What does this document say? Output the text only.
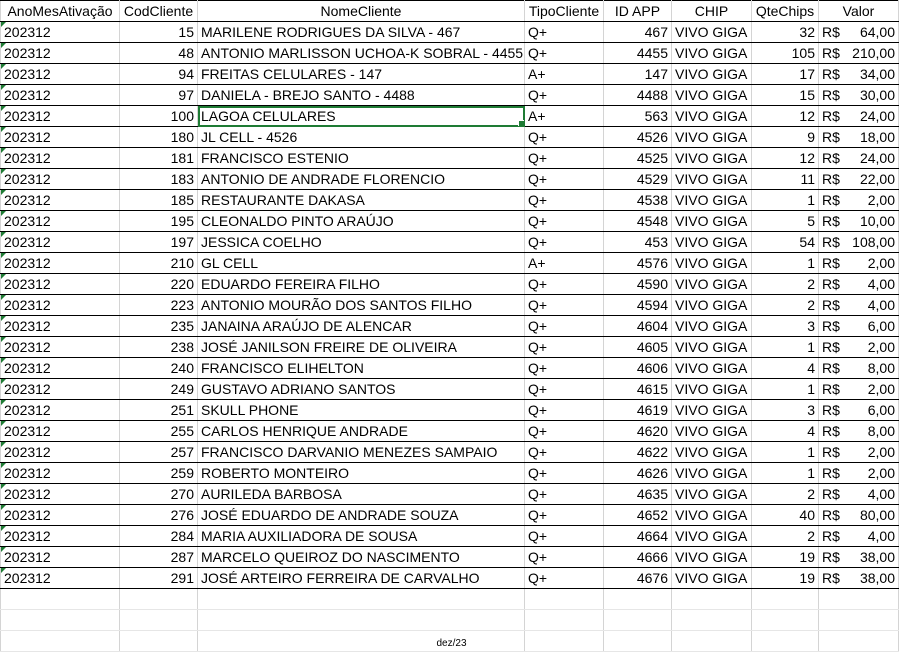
AnoMesAtivação	CodCliente	NomeCliente	TipoCliente	ID APP	CHIP	QteChips	Valor
202312	15	MARILENE RODRIGUES DA SILVA - 467	Q+	467	VIVO GIGA	32	R$ 64,00

202312	48	ANTONIO MARLISSON UCHOA-K SOBRAL - 4455	Q+	4455	VIVO GIGA	105	R$ 210,00

202312	94	FREITAS CELULARES - 147	A+	147	VIVO GIGA	17	R$ 34,00

202312	97	DANIELA - BREJO SANTO - 4488	Q+	4488	VIVO GIGA	15	R$ 30,00

202312	100	LAGOA CELULARES	A+	563	VIVO GIGA	12	R$ 24,00

202312	180	JL CELL - 4526	Q+	4526	VIVO GIGA	9	R$ 18,00

202312	181	FRANCISCO ESTENIO	Q+	4525	VIVO GIGA	12	R$ 24,00

202312	183	ANTONIO DE ANDRADE FLORENCIO	Q+	4529	VIVO GIGA	11	R$ 22,00

202312	185	RESTAURANTE DAKASA	Q+	4538	VIVO GIGA	1	R$ 2,00

202312	195	CLEONALDO PINTO ARAÚJO	Q+	4548	VIVO GIGA	5	R$ 10,00

202312	197	JESSICA COELHO	Q+	453	VIVO GIGA	54	R$ 108,00

202312	210	GL CELL	A+	4576	VIVO GIGA	1	R$ 2,00

202312	220	EDUARDO FEREIRA FILHO	Q+	4590	VIVO GIGA	2	R$ 4,00

202312	223	ANTONIO MOURÃO DOS SANTOS FILHO	Q+	4594	VIVO GIGA	2	R$ 4,00

202312	235	JANAINA ARAÚJO DE ALENCAR	Q+	4604	VIVO GIGA	3	R$ 6,00

202312	238	JOSÉ JANILSON FREIRE DE OLIVEIRA	Q+	4605	VIVO GIGA	1	R$ 2,00

202312	240	FRANCISCO ELIHELTON	Q+	4606	VIVO GIGA	4	R$ 8,00

202312	249	GUSTAVO ADRIANO SANTOS	Q+	4615	VIVO GIGA	1	R$ 2,00

202312	251	SKULL PHONE	Q+	4619	VIVO GIGA	3	R$ 6,00

202312	255	CARLOS HENRIQUE ANDRADE	Q+	4620	VIVO GIGA	4	R$ 8,00

202312	257	FRANCISCO DARVANIO MENEZES SAMPAIO	Q+	4622	VIVO GIGA	1	R$ 2,00

202312	259	ROBERTO MONTEIRO	Q+	4626	VIVO GIGA	1	R$ 2,00

202312	270	AURILEDA BARBOSA	Q+	4635	VIVO GIGA	2	R$ 4,00

202312	276	JOSÉ EDUARDO DE ANDRADE SOUZA	Q+	4652	VIVO GIGA	40	R$ 80,00

202312	284	MARIA AUXILIADORA DE SOUSA	Q+	4664	VIVO GIGA	2	R$ 4,00

202312	287	MARCELO QUEIROZ DO NASCIMENTO	Q+	4666	VIVO GIGA	19	R$ 38,00

202312	291	JOSÉ ARTEIRO FERREIRA DE CARVALHO	Q+	4676	VIVO GIGA	19	R$ 38,00

dez/23
